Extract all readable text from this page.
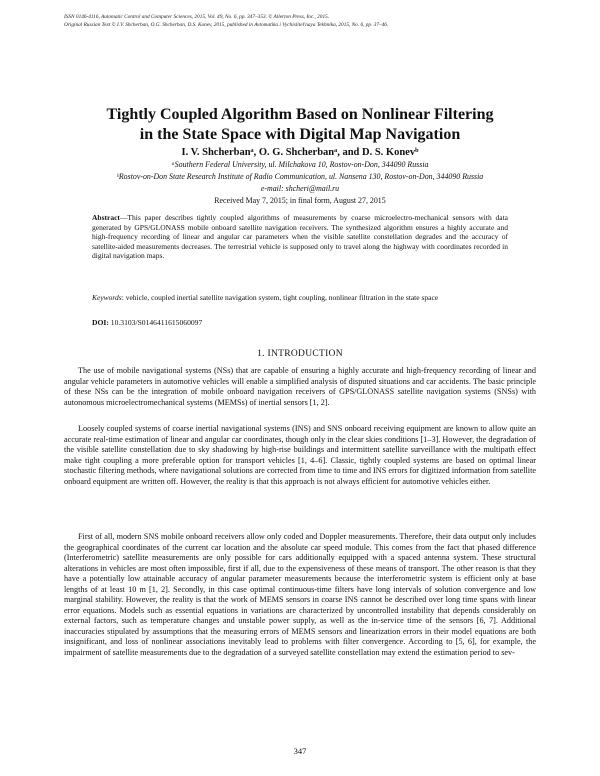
ISSN 0146-4116, Automatic Control and Computer Sciences, 2015, Vol. 49, No. 6, pp. 347–353. © Allerton Press, Inc., 2015.
Original Russian Text © I.V. Shcherban, O.G. Shcherban, D.S. Konev, 2015, published in Avtomatika i Vychislitel'naya Tekhnika, 2015, No. 6, pp. 37–46.
Tightly Coupled Algorithm Based on Nonlinear Filtering
in the State Space with Digital Map Navigation
I. V. Shcherbanᵃ, O. G. Shcherbanᵃ, and D. S. Konevᵇ
ᵃSouthern Federal University, ul. Milchakova 10, Rostov-on-Don, 344090 Russia
ᵇRostov-on-Don State Research Institute of Radio Communication, ul. Nansena 130, Rostov-on-Don, 344090 Russia
e-mail: shcheri@mail.ru
Received May 7, 2015; in final form, August 27, 2015
Abstract—This paper describes tightly coupled algorithms of measurements by coarse microelectro-mechanical sensors with data generated by GPS/GLONASS mobile onboard satellite navigation receivers. The synthesized algorithm ensures a highly accurate and high-frequency recording of linear and angular car parameters when the visible satellite constellation degrades and the accuracy of satellite-aided measurements decreases. The terrestrial vehicle is supposed only to travel along the highway with coordinates recorded in digital navigation maps.
Keywords: vehicle, coupled inertial satellite navigation system, tight coupling, nonlinear filtration in the state space
DOI: 10.3103/S0146411615060097
1. INTRODUCTION
The use of mobile navigational systems (NSs) that are capable of ensuring a highly accurate and high-frequency recording of linear and angular vehicle parameters in automotive vehicles will enable a simplified analysis of disputed situations and car accidents. The basic principle of these NSs can be the integration of mobile onboard navigation receivers of GPS/GLONASS satellite navigation systems (SNSs) with autonomous microelectromechanical systems (MEMSs) of inertial sensors [1, 2].
Loosely coupled systems of coarse inertial navigational systems (INS) and SNS onboard receiving equipment are known to allow quite an accurate real-time estimation of linear and angular car coordinates, though only in the clear skies conditions [1–3]. However, the degradation of the visible satellite constellation due to sky shadowing by high-rise buildings and intermittent satellite surveillance with the multipath effect make tight coupling a more preferable option for transport vehicles [1, 4–6]. Classic, tightly coupled systems are based on optimal linear stochastic filtering methods, where navigational solutions are corrected from time to time and INS errors for digitized information from satellite onboard equipment are written off. However, the reality is that this approach is not always efficient for automotive vehicles either.
First of all, modern SNS mobile onboard receivers allow only coded and Doppler measurements. Therefore, their data output only includes the geographical coordinates of the current car location and the absolute car speed module. This comes from the fact that phased difference (Interferometric) satellite measurements are only possible for cars additionally equipped with a spaced antenna system. These structural alterations in vehicles are most often impossible, first if all, due to the expensiveness of these means of transport. The other reason is that they have a potentially low attainable accuracy of angular parameter measurements because the interferometric system is efficient only at base lengths of at least 10 m [1, 2]. Secondly, in this case optimal continuous-time filters have long intervals of solution convergence and low marginal stability. However, the reality is that the work of MEMS sensors in coarse INS cannot be described over long time spans with linear error equations. Models such as essential equations in variations are characterized by uncontrolled instability that depends considerably on external factors, such as temperature changes and unstable power supply, as well as the in-service time of the sensors [6, 7]. Additional inaccuracies stipulated by assumptions that the measuring errors of MEMS sensors and linearization errors in their model equations are both insignificant, and loss of nonlinear associations inevitably lead to problems with filter convergence. According to [5, 6], for example, the impairment of satellite measurements due to the degradation of a surveyed satellite constellation may extend the estimation period to sev-
347
